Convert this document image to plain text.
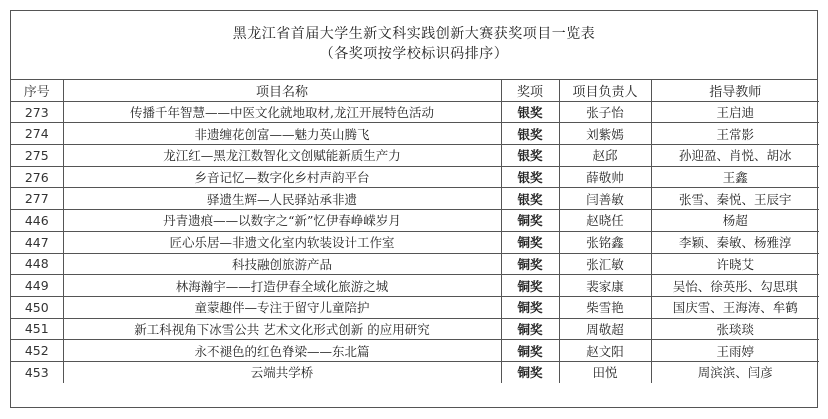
黑龙江省首届大学生新文科实践创新大赛获奖项目一览表
（各奖项按学校标识码排序）
序号	项目名称	奖项	项目负责人	指导教师
273	传播千年智慧——中医文化就地取材,龙江开展特色活动	银奖	张子怡	王启迪
274	非遗缠花创富——魅力英山腾飞	银奖	刘紫嫣	王常影
275	龙江红—黑龙江数智化文创赋能新质生产力	银奖	赵邱	孙迎盈、肖悦、胡冰
276	乡音记忆—数字化乡村声韵平台	银奖	薛敬帅	王鑫
277	驿遗生辉—人民驿站承非遗	银奖	闫善敏	张雪、秦悦、王辰宇
446	丹青遗痕——以数字之“新”忆伊春峥嵘岁月	铜奖	赵晓任	杨超
447	匠心乐居—非遗文化室内软装设计工作室	铜奖	张铭鑫	李颖、秦敏、杨雅淳
448	科技融创旅游产品	铜奖	张汇敏	许晓艾
449	林海瀚宇——打造伊春全域化旅游之城	铜奖	裴家康	吴怡、徐英彤、勾思琪
450	童蒙趣伴—专注于留守儿童陪护	铜奖	柴雪艳	国庆雪、王海涛、牟鹤
451	新工科视角下冰雪公共 艺术文化形式创新 的应用研究	铜奖	周敬超	张琰琰
452	永不褪色的红色脊梁——东北篇	铜奖	赵文阳	王雨婷
453	云端共学桥	铜奖	田悦	周滨滨、闫彦
